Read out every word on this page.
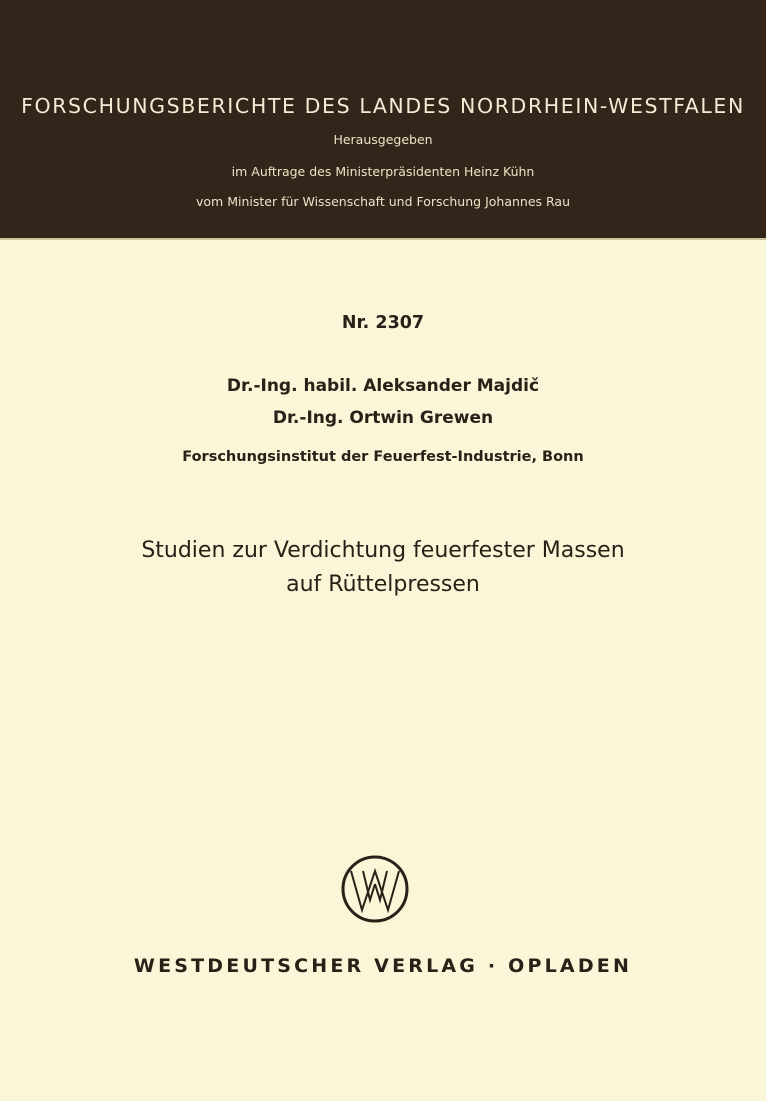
FORSCHUNGSBERICHTE DES LANDES NORDRHEIN-WESTFALEN
Herausgegeben
im Auftrage des Ministerpräsidenten Heinz Kühn
vom Minister für Wissenschaft und Forschung Johannes Rau
Nr. 2307
Dr.-Ing. habil. Aleksander Majdič
Dr.-Ing. Ortwin Grewen
Forschungsinstitut der Feuerfest-Industrie, Bonn
Studien zur Verdichtung feuerfester Massen
auf Rüttelpressen
WESTDEUTSCHER VERLAG · OPLADEN
